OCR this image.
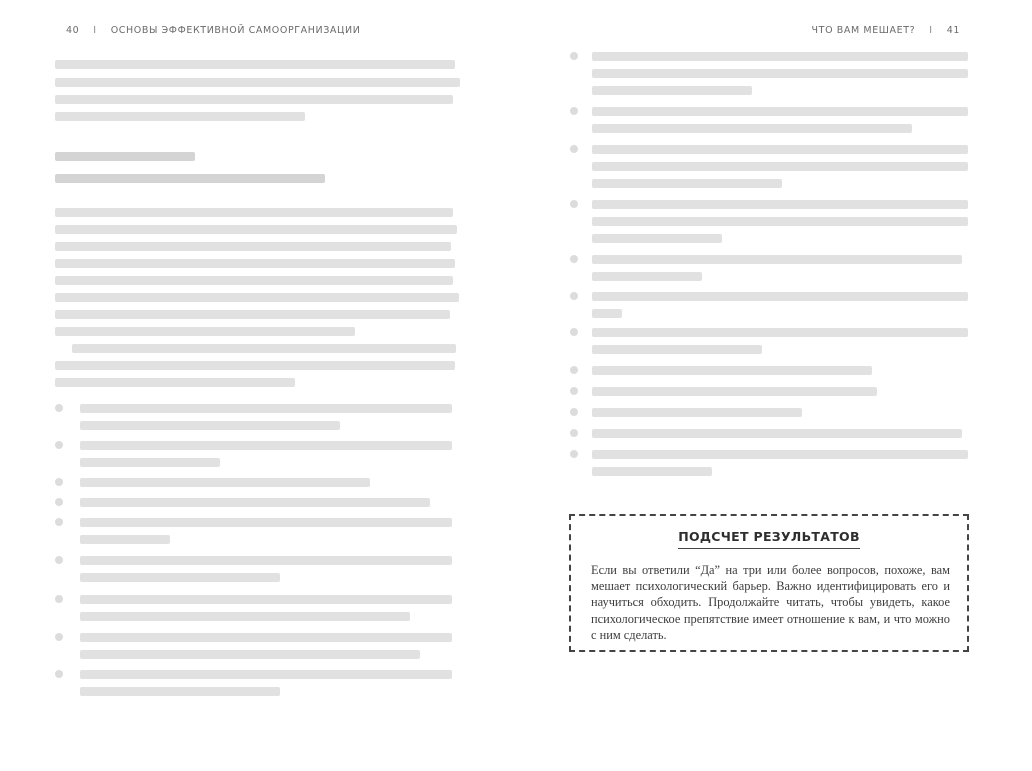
40 I ОСНОВЫ ЭФФЕКТИВНОЙ САМООРГАНИЗАЦИИ	ЧТО ВАМ МЕШАЕТ? I 41
ПОДСЧЕТ РЕЗУЛЬТАТОВ
Если вы ответили “Да” на три или более вопросов, похоже, вам мешает психологический барьер. Важно идентифицировать его и научиться обходить. Продолжайте читать, чтобы увидеть, какое психологическое препятствие имеет отношение к вам, и что можно с ним сделать.
